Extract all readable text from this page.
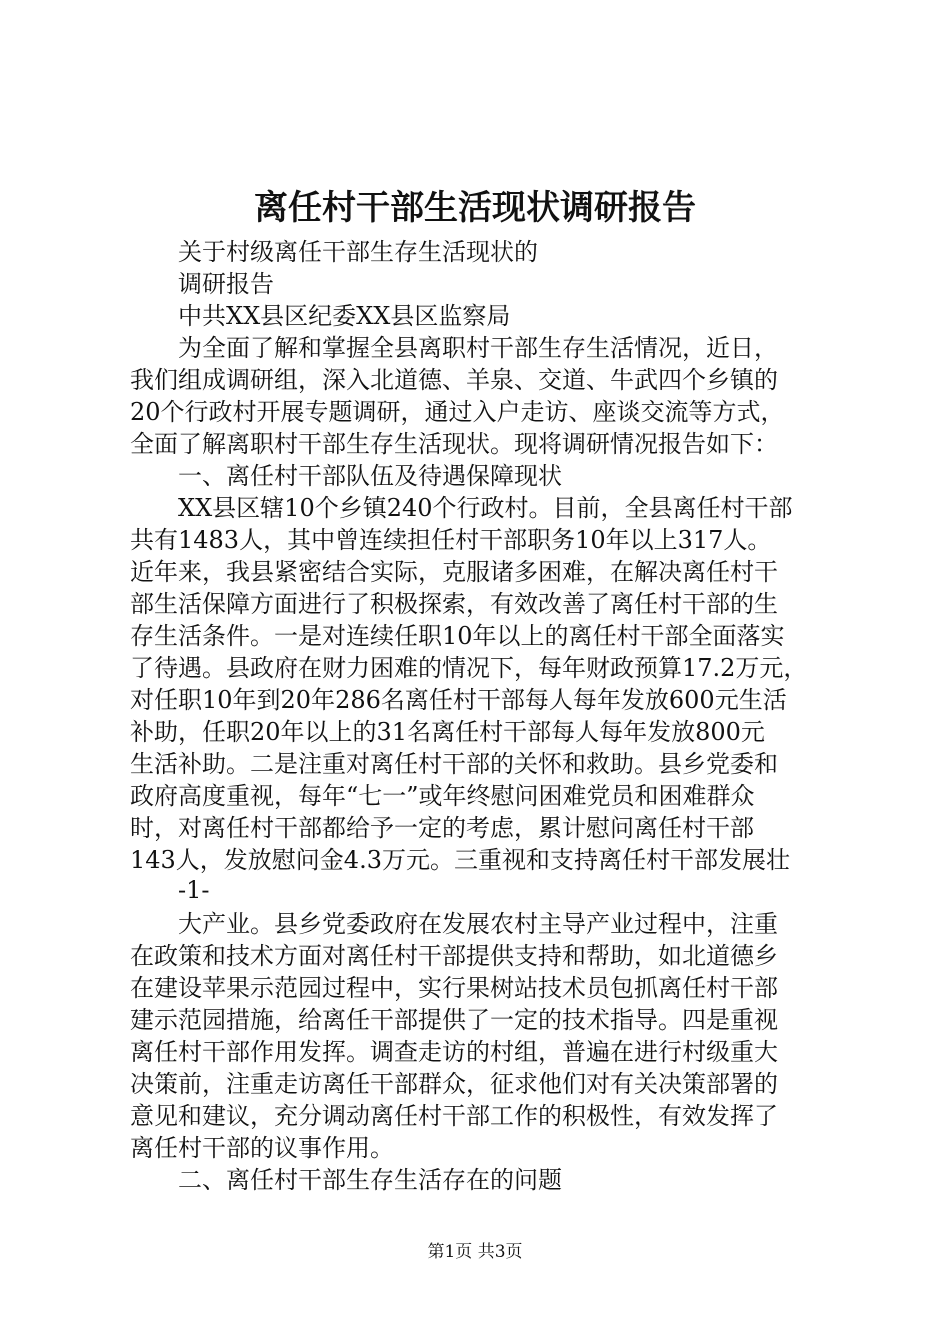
离任村干部生活现状调研报告

关于村级离任干部生存生活现状的

调研报告

中共XX县区纪委XX县区监察局

为全面了解和掌握全县离职村干部生存生活情况，近日，

我们组成调研组，深入北道德、羊泉、交道、牛武四个乡镇的

20个行政村开展专题调研，通过入户走访、座谈交流等方式，

全面了解离职村干部生存生活现状。现将调研情况报告如下：

一、离任村干部队伍及待遇保障现状

XX县区辖10个乡镇240个行政村。目前，全县离任村干部

共有1483人，其中曾连续担任村干部职务10年以上317人。

近年来，我县紧密结合实际，克服诸多困难，在解决离任村干

部生活保障方面进行了积极探索，有效改善了离任村干部的生

存生活条件。一是对连续任职10年以上的离任村干部全面落实

了待遇。县政府在财力困难的情况下，每年财政预算17.2万元，

对任职10年到20年286名离任村干部每人每年发放600元生活

补助，任职20年以上的31名离任村干部每人每年发放800元

生活补助。二是注重对离任村干部的关怀和救助。县乡党委和

政府高度重视，每年“七一”或年终慰问困难党员和困难群众

时，对离任村干部都给予一定的考虑，累计慰问离任村干部

143人，发放慰问金4.3万元。三重视和支持离任村干部发展壮

-1-

大产业。县乡党委政府在发展农村主导产业过程中，注重

在政策和技术方面对离任村干部提供支持和帮助，如北道德乡

在建设苹果示范园过程中，实行果树站技术员包抓离任村干部

建示范园措施，给离任干部提供了一定的技术指导。四是重视

离任村干部作用发挥。调查走访的村组，普遍在进行村级重大

决策前，注重走访离任干部群众，征求他们对有关决策部署的

意见和建议，充分调动离任村干部工作的积极性，有效发挥了

离任村干部的议事作用。

二、离任村干部生存生活存在的问题

第1页 共3页
